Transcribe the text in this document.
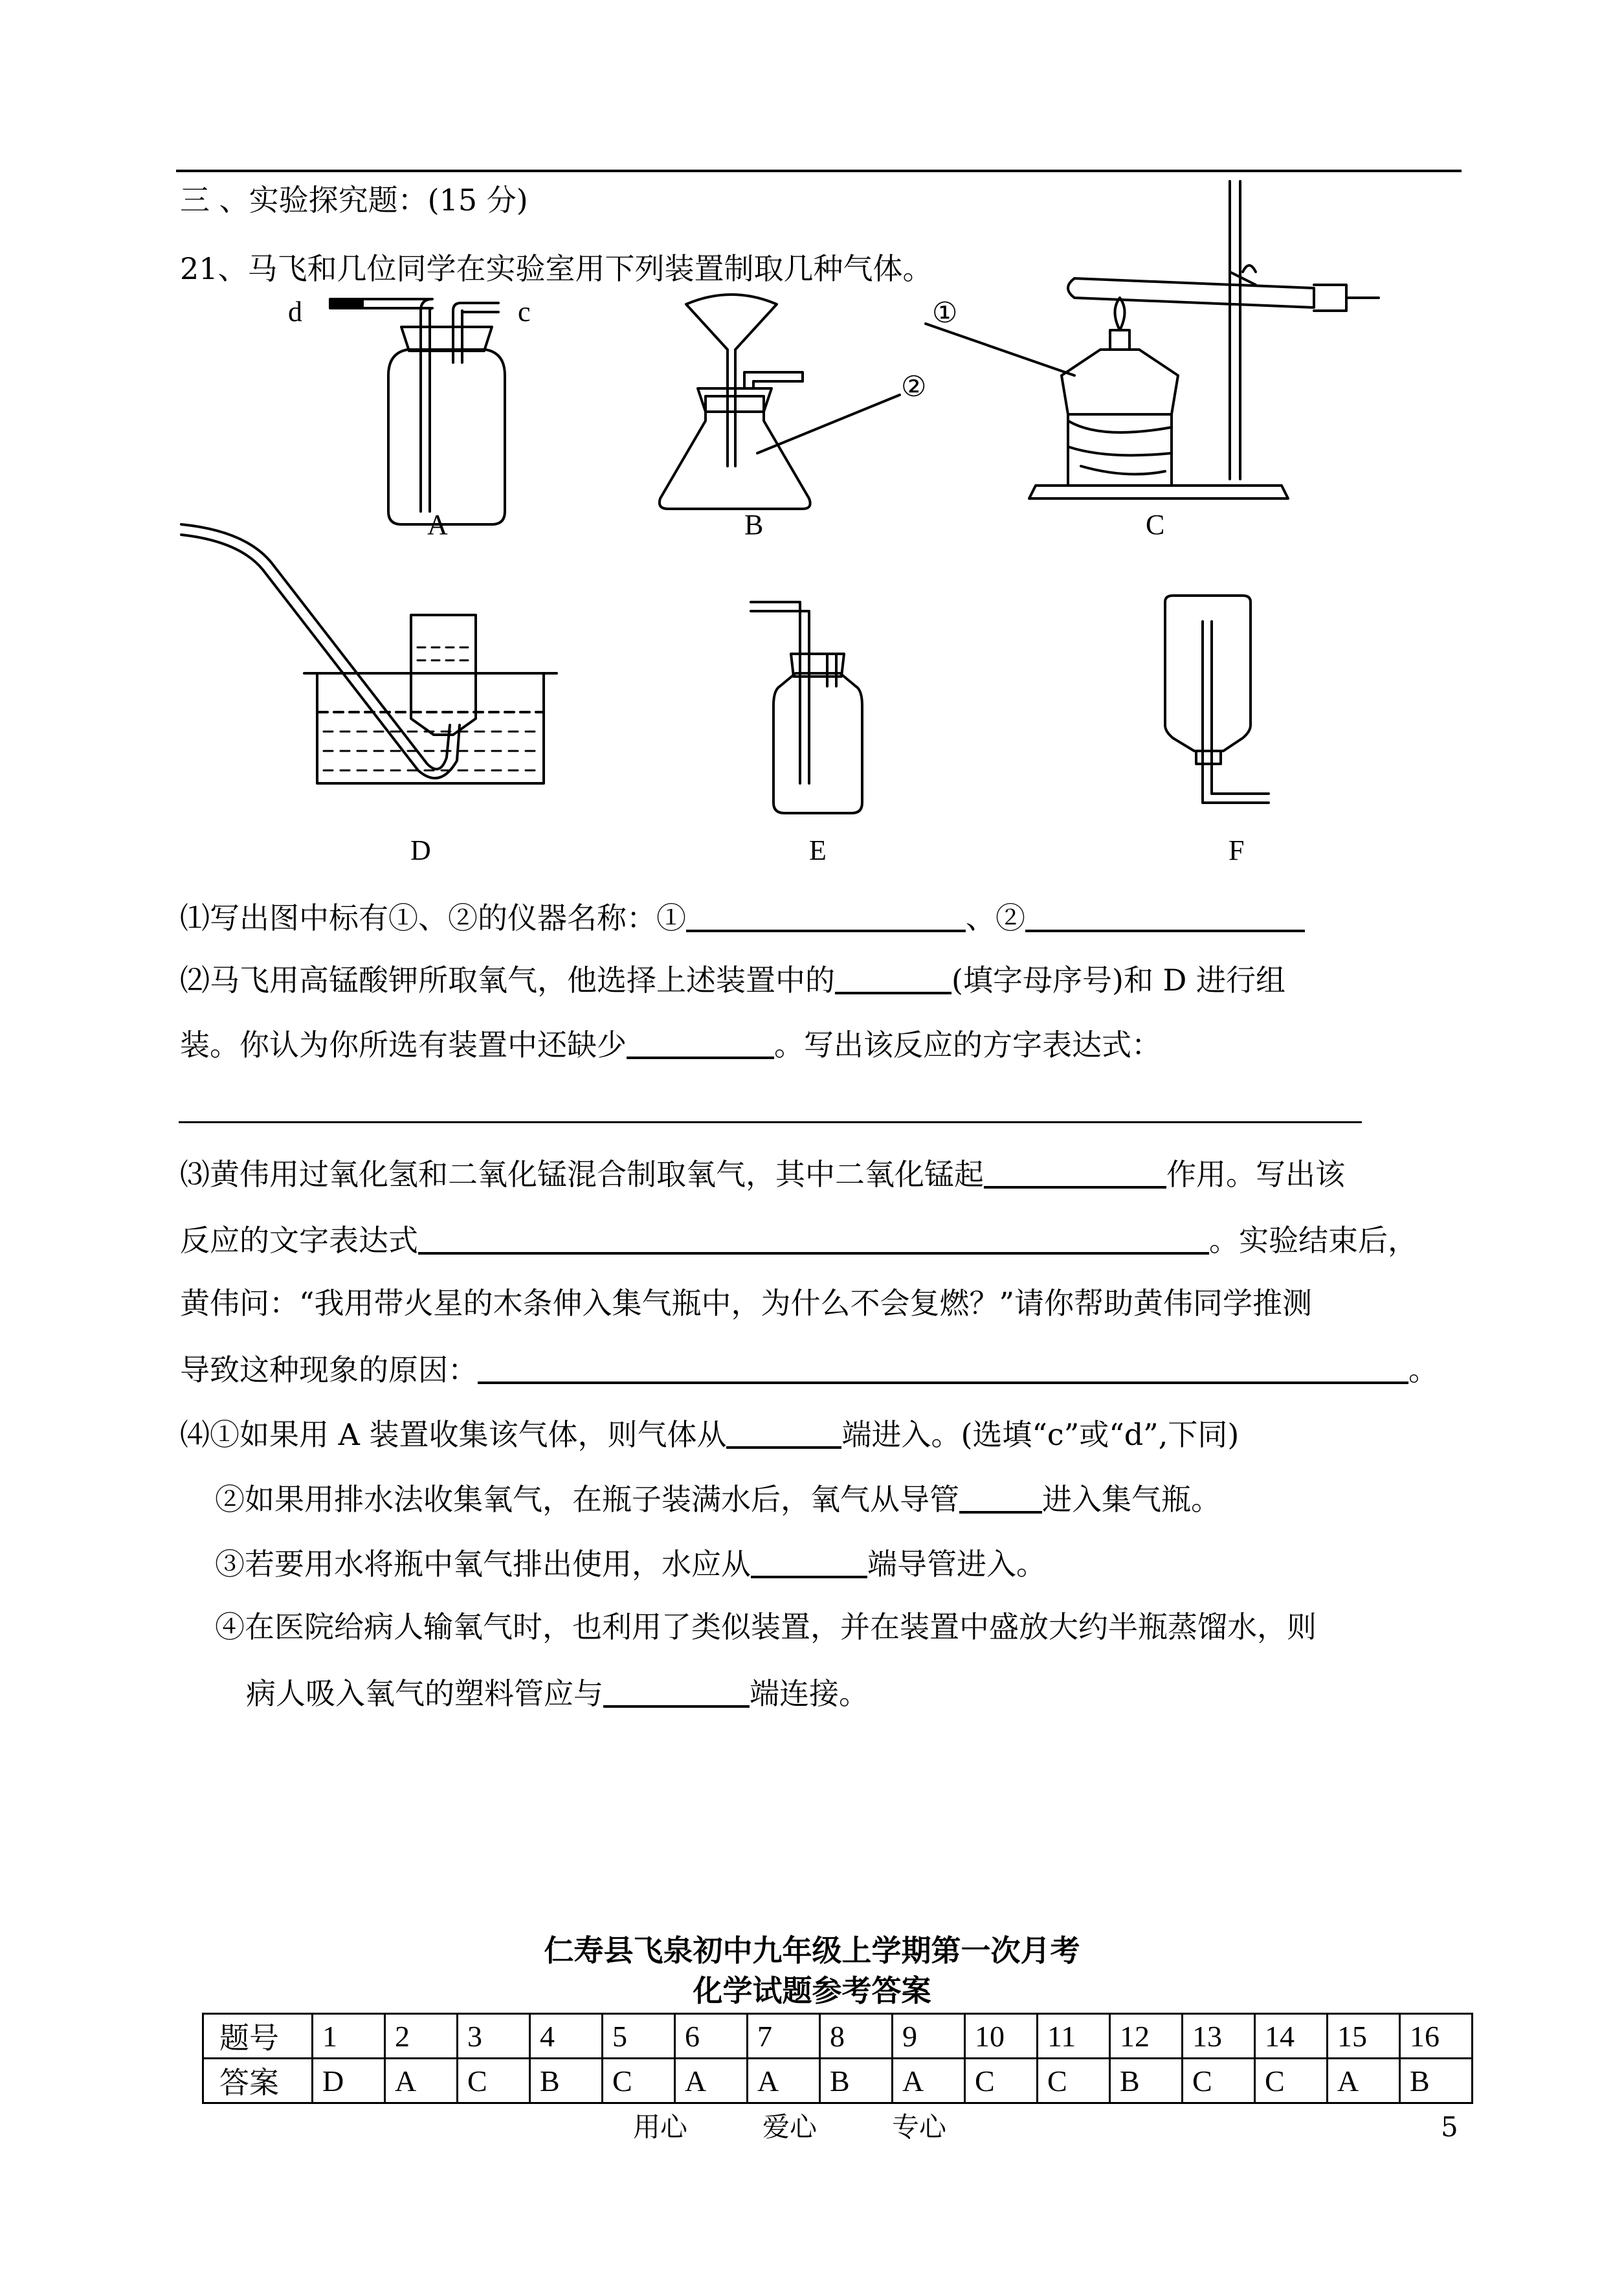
三 、实验探究题：(15 分)
21、马飞和几位同学在实验室用下列装置制取几种气体。
d	c	①
②
A	B	C
D	E	F
⑴写出图中标有①、②的仪器名称：①	、②
⑵马飞用高锰酸钾所取氧气，他选择上述装置中的	(填字母序号)和 D 进行组
装。你认为你所选有装置中还缺少	。写出该反应的方字表达式：
⑶黄伟用过氧化氢和二氧化锰混合制取氧气，其中二氧化锰起	作用。写出该
反应的文字表达式	。实验结束后，
黄伟问：“我用带火星的木条伸入集气瓶中，为什么不会复燃？”请你帮助黄伟同学推测
导致这种现象的原因：	。
⑷①如果用 A 装置收集该气体，则气体从	端进入。(选填“c”或“d”,下同)
②如果用排水法收集氧气，在瓶子装满水后，氧气从导管	进入集气瓶。
③若要用水将瓶中氧气排出使用，水应从	端导管进入。
④在医院给病人输氧气时，也利用了类似装置，并在装置中盛放大约半瓶蒸馏水，则
病人吸入氧气的塑料管应与	端连接。
仁寿县飞泉初中九年级上学期第一次月考
化学试题参考答案
题号	1	2	3	4	5	6	7	8	9	10	11	12	13	14	15	16
答案	D	A	C	B	C	A	A	B	A	C	C	B	C	C	A	B
用心	爱心	专心	5
